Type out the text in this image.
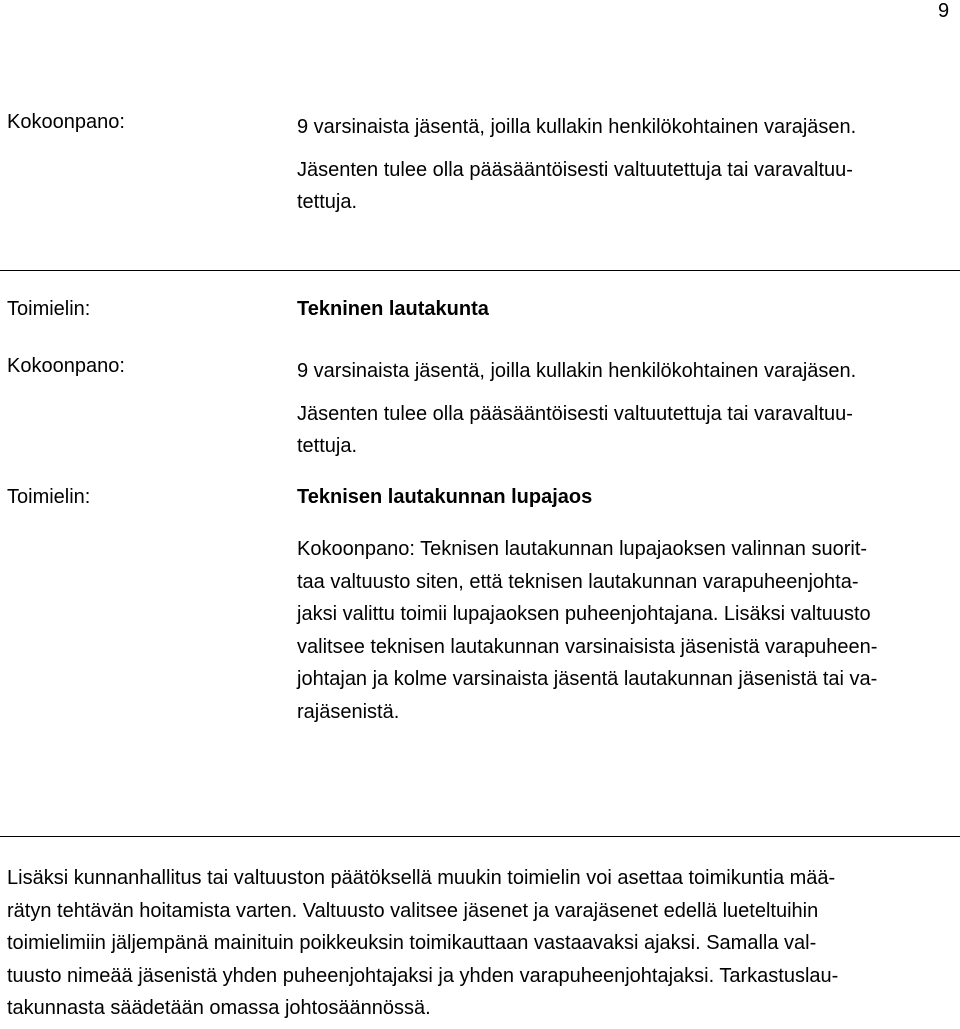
9
Kokoonpano:	9 varsinaista jäsentä, joilla kullakin henkilökohtainen varajäsen.
Jäsenten tulee olla pääsääntöisesti valtuutettuja tai varavaltuu-
tettuja.
Toimielin:	Tekninen lautakunta
Kokoonpano:	9 varsinaista jäsentä, joilla kullakin henkilökohtainen varajäsen.
Jäsenten tulee olla pääsääntöisesti valtuutettuja tai varavaltuu-
tettuja.
Toimielin:	Teknisen lautakunnan lupajaos
Kokoonpano: Teknisen lautakunnan lupajaoksen valinnan suorit-
taa valtuusto siten, että teknisen lautakunnan varapuheenjohta-
jaksi valittu toimii lupajaoksen puheenjohtajana. Lisäksi valtuusto
valitsee teknisen lautakunnan varsinaisista jäsenistä varapuheen-
johtajan ja kolme varsinaista jäsentä lautakunnan jäsenistä tai va-
rajäsenistä.
Lisäksi kunnanhallitus tai valtuuston päätöksellä muukin toimielin voi asettaa toimikuntia mää-
rätyn tehtävän hoitamista varten. Valtuusto valitsee jäsenet ja varajäsenet edellä lueteltuihin
toimielimiin jäljempänä mainituin poikkeuksin toimikauttaan vastaavaksi ajaksi. Samalla val-
tuusto nimeää jäsenistä yhden puheenjohtajaksi ja yhden varapuheenjohtajaksi. Tarkastuslau-
takunnasta säädetään omassa johtosäännössä.
